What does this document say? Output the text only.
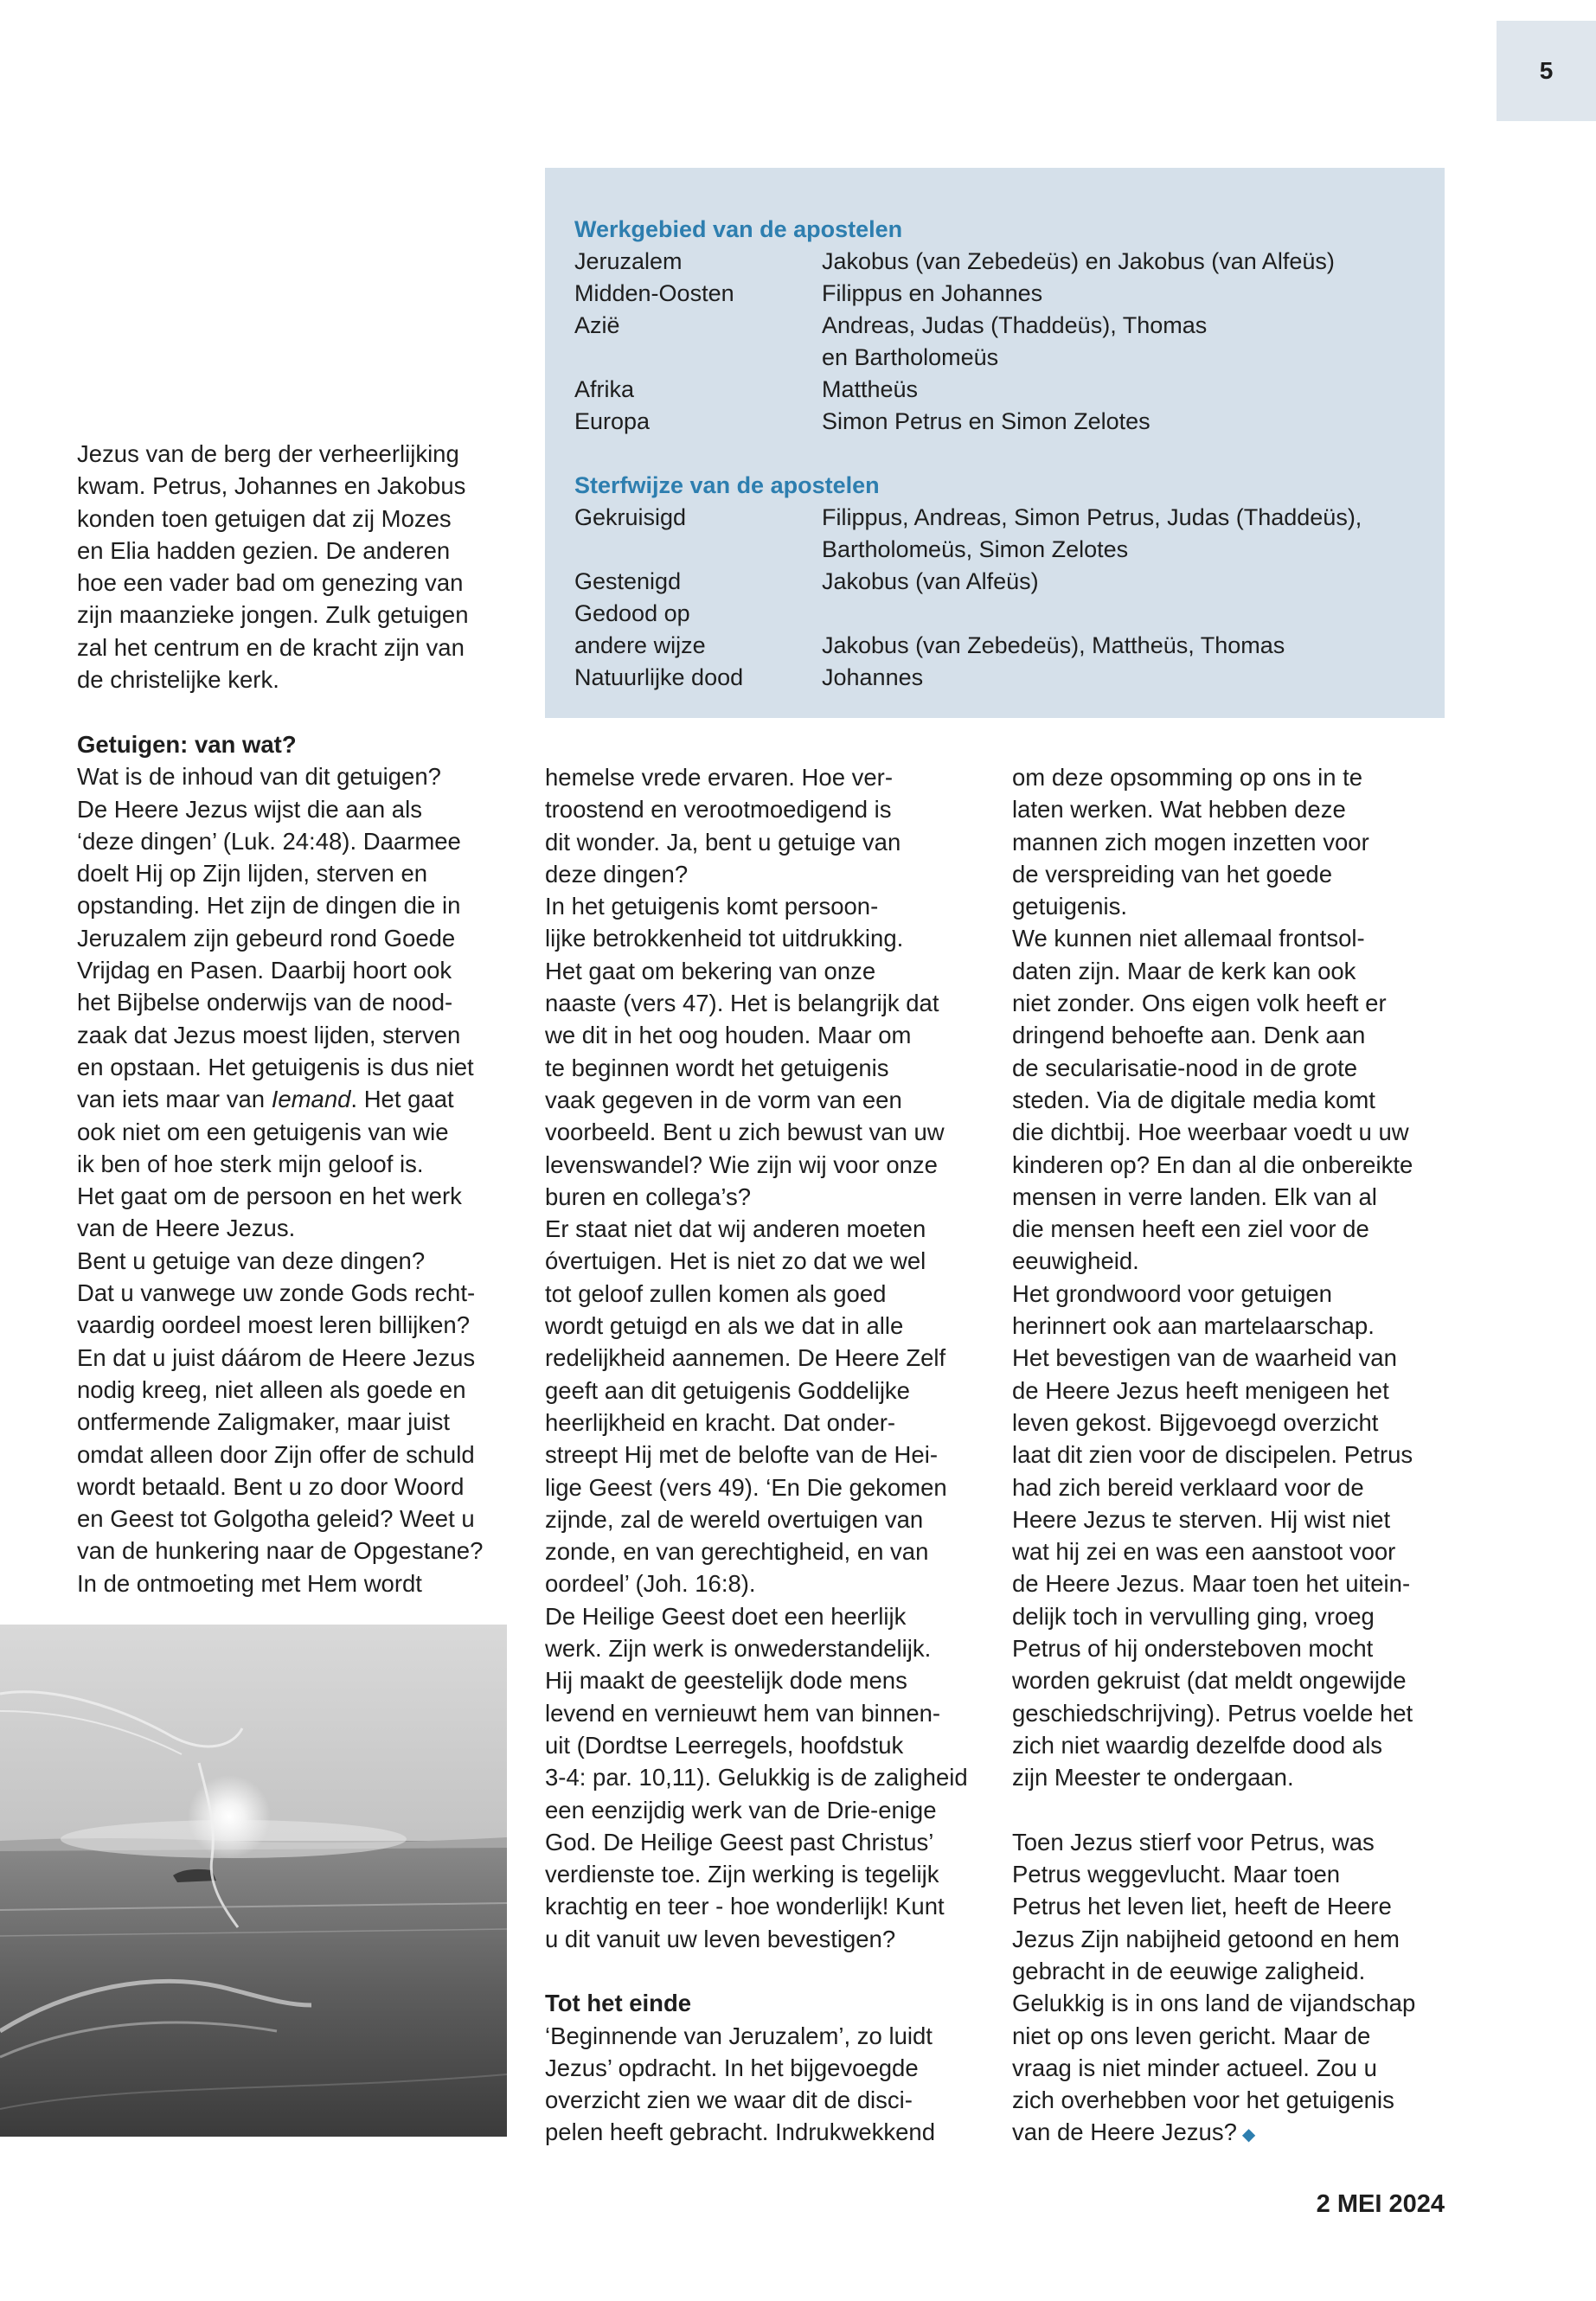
5
Werkgebied van de apostelen
Jeruzalem	Jakobus (van Zebedeüs) en Jakobus (van Alfeüs)
Midden-Oosten	Filippus en Johannes
Azië	Andreas, Judas (Thaddeüs), Thomas
en Bartholomeüs
Afrika	Mattheüs
Europa	Simon Petrus en Simon Zelotes
Sterfwijze van de apostelen
Gekruisigd	Filippus, Andreas, Simon Petrus, Judas (Thaddeüs),
Bartholomeüs, Simon Zelotes
Gestenigd	Jakobus (van Alfeüs)
Gedood op

andere wijze	Jakobus (van Zebedeüs), Mattheüs, Thomas
Natuurlijke dood	Johannes
Jezus van de berg der verheerlijking
kwam. Petrus, Johannes en Jakobus
konden toen getuigen dat zij Mozes
en Elia hadden gezien. De anderen
hoe een vader bad om genezing van
zijn maanzieke jongen. Zulk getuigen
zal het centrum en de kracht zijn van
de christelijke kerk.

Getuigen: van wat?

Wat is de inhoud van dit getuigen?
De Heere Jezus wijst die aan als
‘deze dingen’ (Luk. 24:48). Daarmee
doelt Hij op Zijn lijden, sterven en
opstanding. Het zijn de dingen die in
Jeruzalem zijn gebeurd rond Goede
Vrijdag en Pasen. Daarbij hoort ook
het Bijbelse onderwijs van de nood-
zaak dat Jezus moest lijden, sterven
en opstaan. Het getuigenis is dus niet
van iets maar van Iemand. Het gaat
ook niet om een getuigenis van wie
ik ben of hoe sterk mijn geloof is.
Het gaat om de persoon en het werk
van de Heere Jezus.
Bent u getuige van deze dingen?
Dat u vanwege uw zonde Gods recht-
vaardig oordeel moest leren billijken?
En dat u juist dáárom de Heere Jezus
nodig kreeg, niet alleen als goede en
ontfermende Zaligmaker, maar juist
omdat alleen door Zijn offer de schuld
wordt betaald. Bent u zo door Woord
en Geest tot Golgotha geleid? Weet u
van de hunkering naar de Opgestane?
In de ontmoeting met Hem wordt
hemelse vrede ervaren. Hoe ver-
troostend en verootmoedigend is
dit wonder. Ja, bent u getuige van
deze dingen?
In het getuigenis komt persoon-
lijke betrokkenheid tot uitdrukking.
Het gaat om bekering van onze
naaste (vers 47). Het is belangrijk dat
we dit in het oog houden. Maar om
te beginnen wordt het getuigenis
vaak gegeven in de vorm van een
voorbeeld. Bent u zich bewust van uw
levenswandel? Wie zijn wij voor onze
buren en collega’s?
Er staat niet dat wij anderen moeten
óvertuigen. Het is niet zo dat we wel
tot geloof zullen komen als goed
wordt getuigd en als we dat in alle
redelijkheid aannemen. De Heere Zelf
geeft aan dit getuigenis Goddelijke
heerlijkheid en kracht. Dat onder-
streept Hij met de belofte van de Hei-
lige Geest (vers 49). ‘En Die gekomen
zijnde, zal de wereld overtuigen van
zonde, en van gerechtigheid, en van
oordeel’ (Joh. 16:8).
De Heilige Geest doet een heerlijk
werk. Zijn werk is onwederstandelijk.
Hij maakt de geestelijk dode mens
levend en vernieuwt hem van binnen-
uit (Dordtse Leerregels, hoofdstuk
3-4: par. 10,11). Gelukkig is de zaligheid
een eenzijdig werk van de Drie-enige
God. De Heilige Geest past Christus’
verdienste toe. Zijn werking is tegelijk
krachtig en teer - hoe wonderlijk! Kunt
u dit vanuit uw leven bevestigen?

Tot het einde

‘Beginnende van Jeruzalem’, zo luidt
Jezus’ opdracht. In het bijgevoegde
overzicht zien we waar dit de disci-
pelen heeft gebracht. Indrukwekkend
om deze opsomming op ons in te
laten werken. Wat hebben deze
mannen zich mogen inzetten voor
de verspreiding van het goede
getuigenis.
We kunnen niet allemaal frontsol-
daten zijn. Maar de kerk kan ook
niet zonder. Ons eigen volk heeft er
dringend behoefte aan. Denk aan
de secularisatie-nood in de grote
steden. Via de digitale media komt
die dichtbij. Hoe weerbaar voedt u uw
kinderen op? En dan al die onbereikte
mensen in verre landen. Elk van al
die mensen heeft een ziel voor de
eeuwigheid.
Het grondwoord voor getuigen
herinnert ook aan martelaarschap.
Het bevestigen van de waarheid van
de Heere Jezus heeft menigeen het
leven gekost. Bijgevoegd overzicht
laat dit zien voor de discipelen. Petrus
had zich bereid verklaard voor de
Heere Jezus te sterven. Hij wist niet
wat hij zei en was een aanstoot voor
de Heere Jezus. Maar toen het uitein-
delijk toch in vervulling ging, vroeg
Petrus of hij ondersteboven mocht
worden gekruist (dat meldt ongewijde
geschiedschrijving). Petrus voelde het
zich niet waardig dezelfde dood als
zijn Meester te ondergaan.
Toen Jezus stierf voor Petrus, was
Petrus weggevlucht. Maar toen
Petrus het leven liet, heeft de Heere
Jezus Zijn nabijheid getoond en hem
gebracht in de eeuwige zaligheid.
Gelukkig is in ons land de vijandschap
niet op ons leven gericht. Maar de
vraag is niet minder actueel. Zou u
zich overhebben voor het getuigenis
van de Heere Jezus? ◆
2 MEI 2024
